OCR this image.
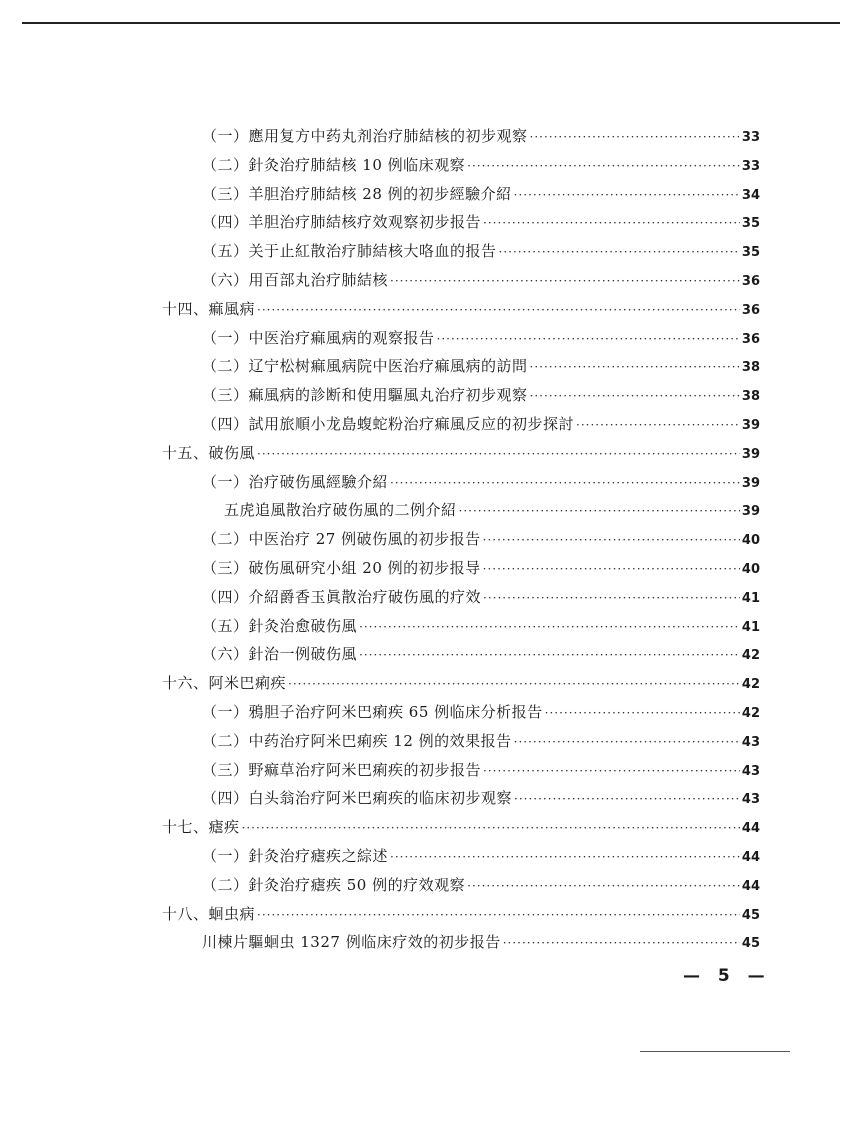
（一）應用复方中药丸剂治疗肺結核的初步观察 ·····	33
（二）針灸治疗肺結核 10 例临床观察 ·····	33
（三）羊胆治疗肺結核 28 例的初步經驗介紹 ·····	34
（四）羊胆治疗肺結核疗效观察初步报告 ·····	35
（五）关于止紅散治疗肺結核大咯血的报告 ·····	35
（六）用百部丸治疗肺結核 ·····	36
十四、痲風病 ·····	36
（一）中医治疗痲風病的观察报告 ·····	36
（二）辽宁松树痲風病院中医治疗痲風病的訪問 ·····	38
（三）痲風病的診断和使用驅風丸治疗初步观察 ·····	38
（四）試用旅順小龙島蝮蛇粉治疗痲風反应的初步探討 ·····	39
十五、破伤風 ·····	39
（一）治疗破伤風經驗介紹 ·····	39
五虎追風散治疗破伤風的二例介紹 ·····	39
（二）中医治疗 27 例破伤風的初步报告 ·····	40
（三）破伤風研究小組 20 例的初步报导 ·····	40
（四）介紹爵香玉眞散治疗破伤風的疗效 ·····	41
（五）針灸治愈破伤風 ·····	41
（六）針治一例破伤風 ·····	42
十六、阿米巴痢疾 ·····	42
（一）鴉胆子治疗阿米巴痢疾 65 例临床分析报告 ·····	42
（二）中药治疗阿米巴痢疾 12 例的效果报告 ·····	43
（三）野痲草治疗阿米巴痢疾的初步报告 ·····	43
（四）白头翁治疗阿米巴痢疾的临床初步观察 ·····	43
十七、瘧疾 ·····	44
（一）針灸治疗瘧疾之綜述 ·····	44
（二）針灸治疗瘧疾 50 例的疗效观察 ·····	44
十八、蛔虫病 ·····	45
川楝片驅蛔虫 1327 例临床疗效的初步报告 ·····	45
— 5 —
